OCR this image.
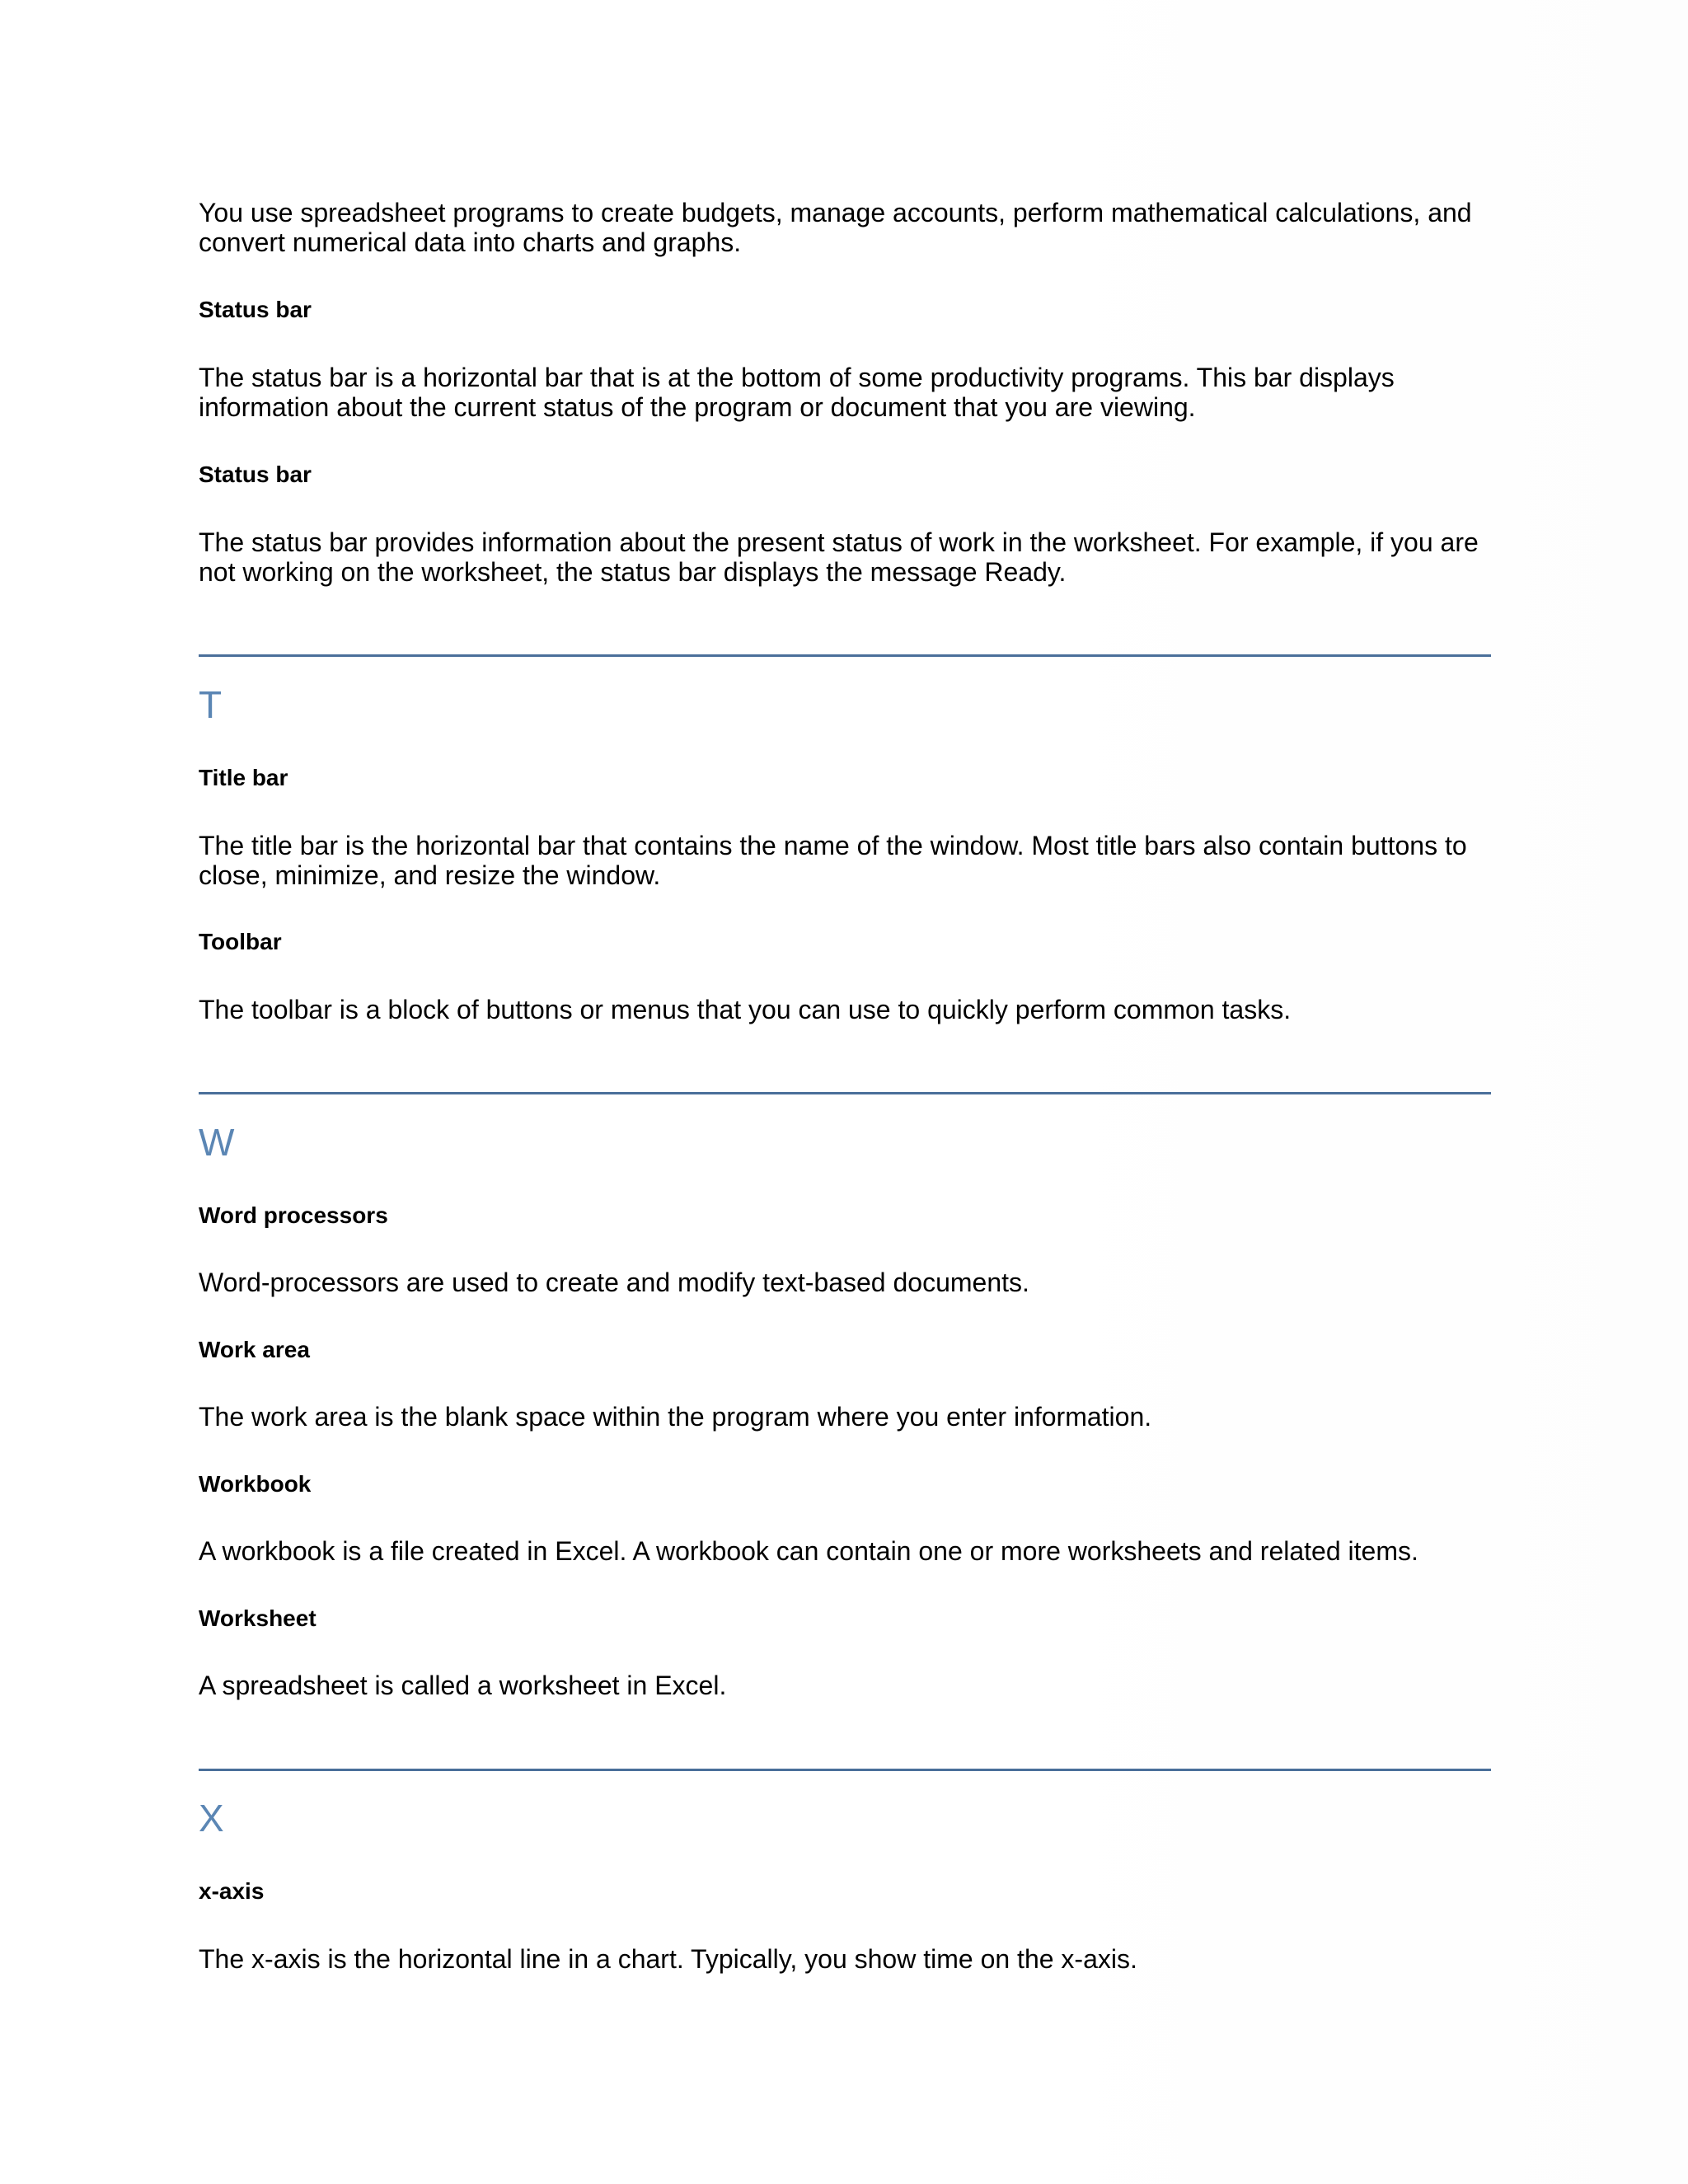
You use spreadsheet programs to create budgets, manage accounts, perform mathematical calculations, and convert numerical data into charts and graphs.

Status bar

The status bar is a horizontal bar that is at the bottom of some productivity programs. This bar displays information about the current status of the program or document that you are viewing.

Status bar

The status bar provides information about the present status of work in the worksheet. For example, if you are not working on the worksheet, the status bar displays the message Ready.

T

Title bar

The title bar is the horizontal bar that contains the name of the window. Most title bars also contain buttons to close, minimize, and resize the window.

Toolbar

The toolbar is a block of buttons or menus that you can use to quickly perform common tasks.

W

Word processors

Word-processors are used to create and modify text-based documents.

Work area

The work area is the blank space within the program where you enter information.

Workbook

A workbook is a file created in Excel. A workbook can contain one or more worksheets and related items.

Worksheet

A spreadsheet is called a worksheet in Excel.

X

x-axis

The x-axis is the horizontal line in a chart. Typically, you show time on the x-axis.
